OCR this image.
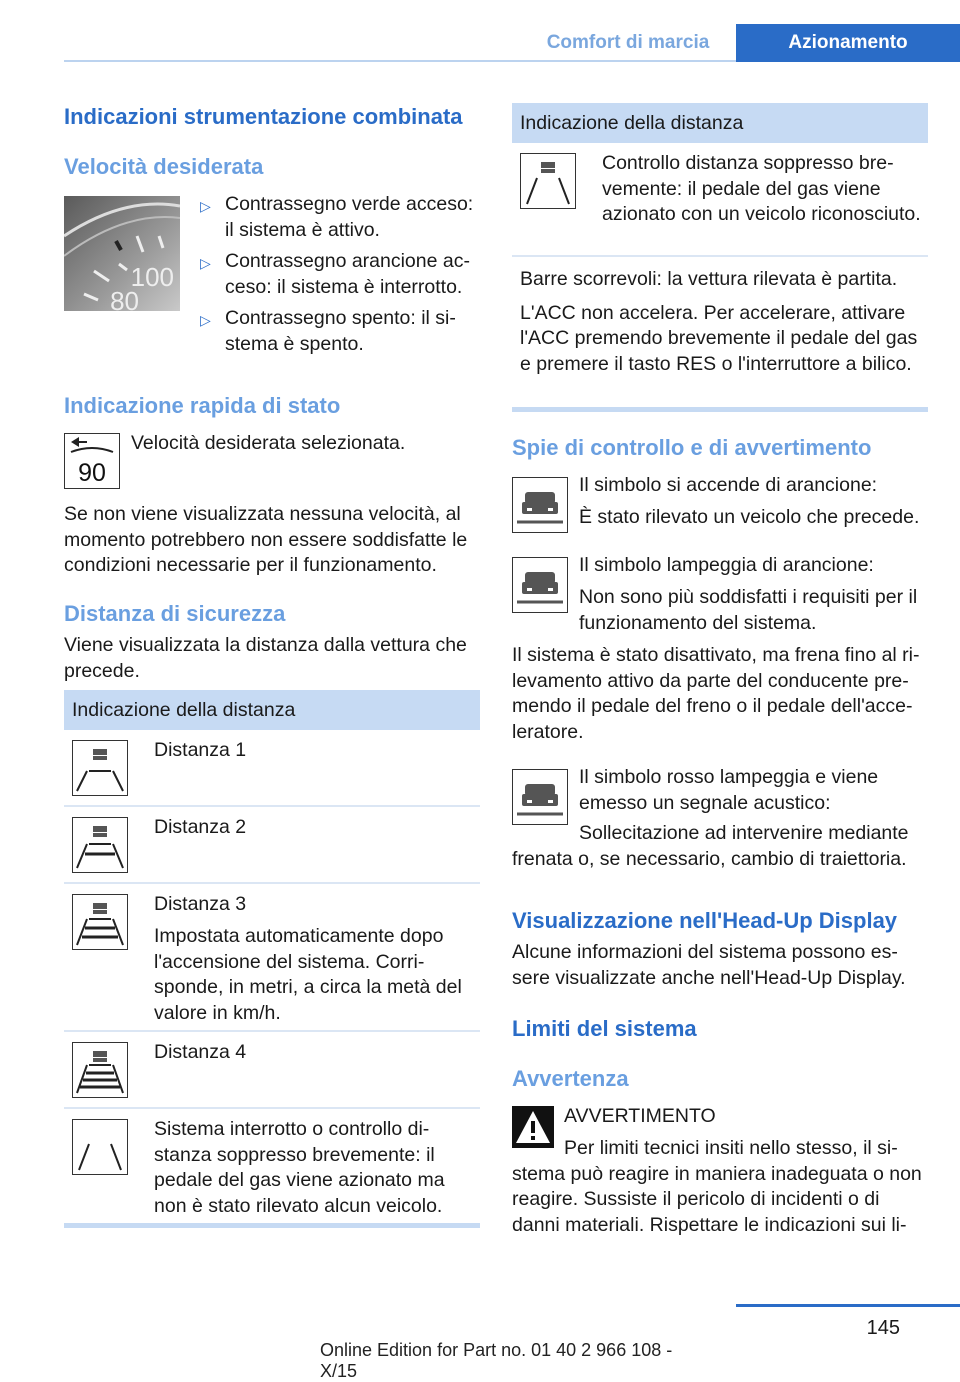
Comfort di marcia	Azionamento
Indicazioni strumentazione combinata
Velocità desiderata
100
80
▷ Contrassegno verde acceso: il sistema è attivo.
▷ Contrassegno arancione acceso: il sistema è interrotto.
▷ Contrassegno spento: il sistema è spento.
Indicazione rapida di stato
90
Velocità desiderata selezionata.
Se non viene visualizzata nessuna velocità, al momento potrebbero non essere soddisfatte le condizioni necessarie per il funzionamento.
Distanza di sicurezza
Viene visualizzata la distanza dalla vettura che precede.
Indicazione della distanza
Distanza 1
Distanza 2
Distanza 3
Impostata automaticamente dopo l'accensione del sistema. Corrisponde, in metri, a circa la metà del valore in km/h.
Distanza 4
Sistema interrotto o controllo distanza soppresso brevemente: il pedale del gas viene azionato ma non è stato rilevato alcun veicolo.
Indicazione della distanza
Controllo distanza soppresso brevemente: il pedale del gas viene azionato con un veicolo riconosciuto.
Barre scorrevoli: la vettura rilevata è partita.
L'ACC non accelera. Per accelerare, attivare l'ACC premendo brevemente il pedale del gas e premere il tasto RES o l'interruttore a bilico.
Spie di controllo e di avvertimento
Il simbolo si accende di arancione:
È stato rilevato un veicolo che precede.
Il simbolo lampeggia di arancione:
Non sono più soddisfatti i requisiti per il funzionamento del sistema.
Il sistema è stato disattivato, ma frena fino al rilevamento attivo da parte del conducente premendo il pedale del freno o il pedale dell'acceleratore.
Il simbolo rosso lampeggia e viene emesso un segnale acustico:
Sollecitazione ad intervenire mediante frenata o, se necessario, cambio di traiettoria.
Visualizzazione nell'Head-Up Display
Alcune informazioni del sistema possono essere visualizzate anche nell'Head-Up Display.
Limiti del sistema
Avvertenza
AVVERTIMENTO
Per limiti tecnici insiti nello stesso, il sistema può reagire in maniera inadeguata o non reagire. Sussiste il pericolo di incidenti o di danni materiali. Rispettare le indicazioni sui li-
145
Online Edition for Part no. 01 40 2 966 108 - X/15
